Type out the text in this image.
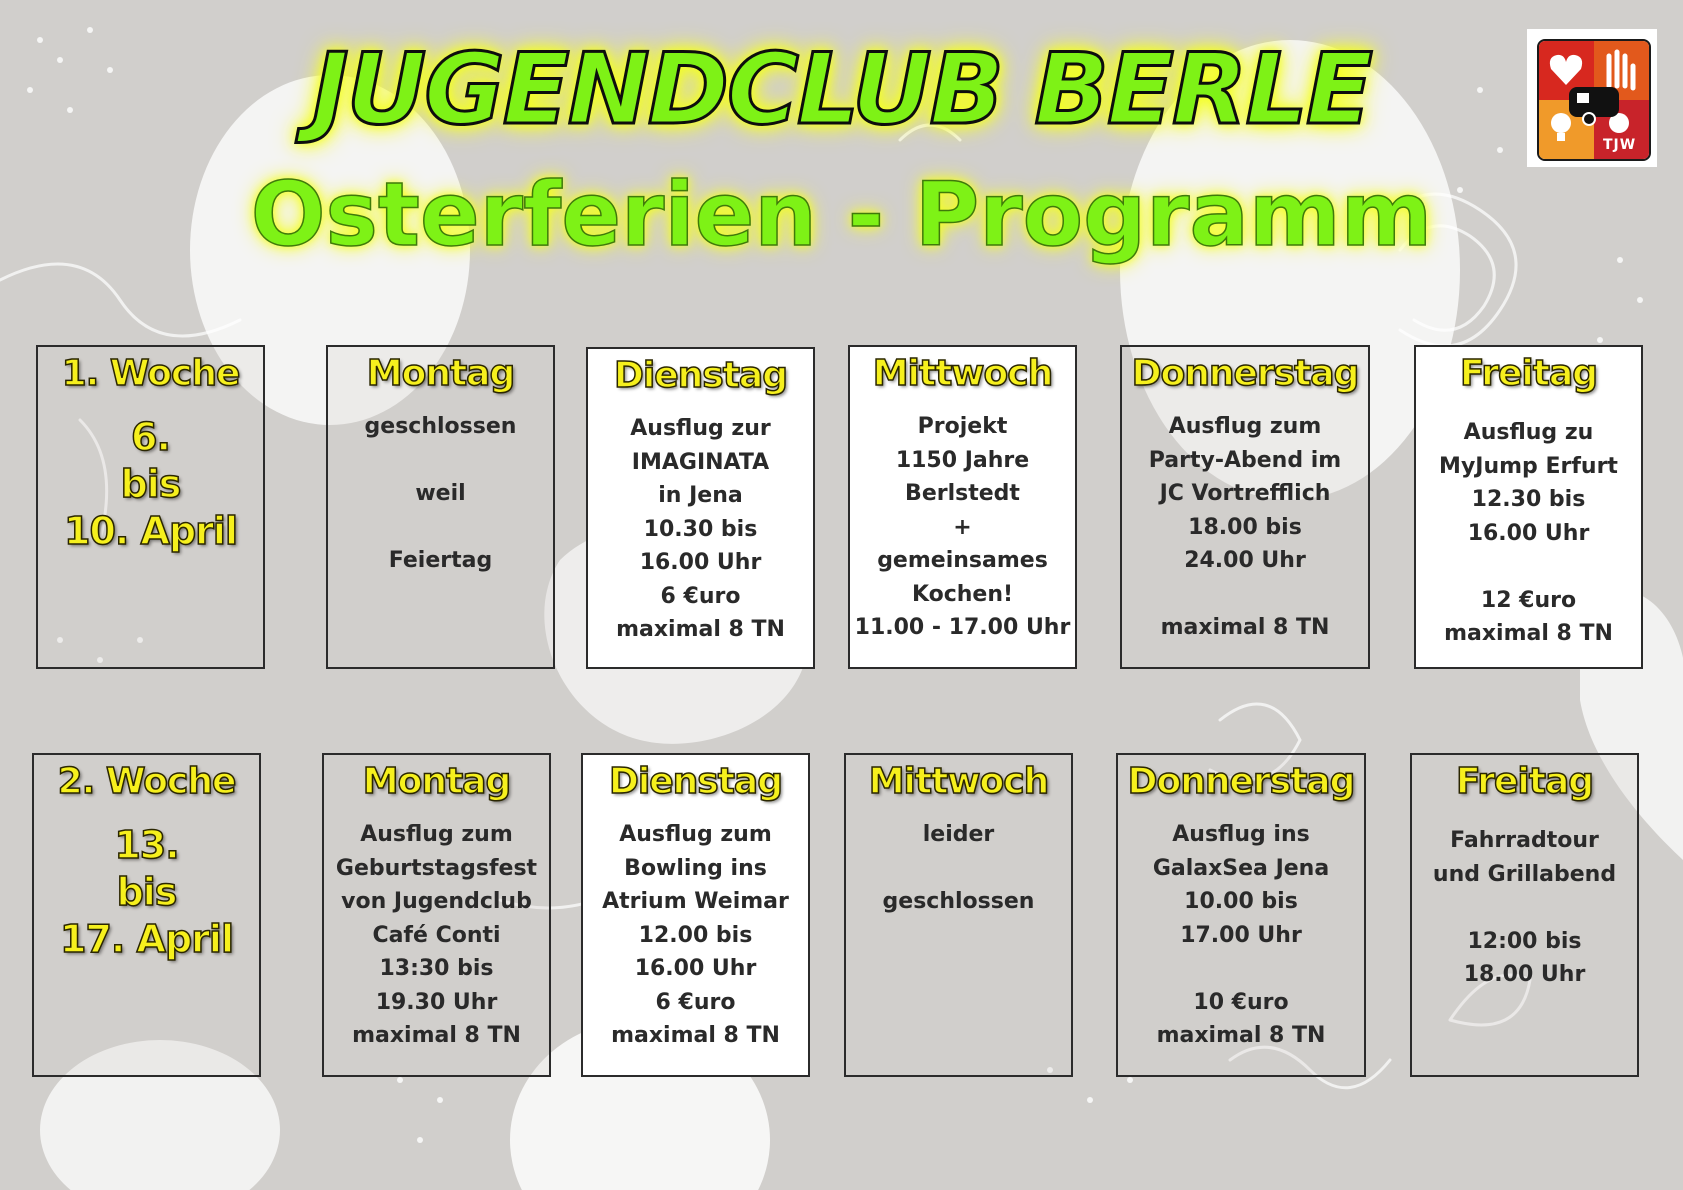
JUGENDCLUB BERLE
Osterferien - Programm
TJW
1. Woche
6.
bis
10. April
Montag
geschlossen

weil

Feiertag
Dienstag
Ausflug zur
IMAGINATA
in Jena
10.30 bis
16.00 Uhr
6 €uro
maximal 8 TN
Mittwoch
Projekt
1150 Jahre
Berlstedt
+
gemeinsames
Kochen!
11.00 - 17.00 Uhr
Donnerstag
Ausflug zum
Party-Abend im
JC Vortrefflich
18.00 bis
24.00 Uhr

maximal 8 TN
Freitag
Ausflug zu
MyJump Erfurt
12.30 bis
16.00 Uhr

12 €uro
maximal 8 TN
2. Woche
13.
bis
17. April
Montag
Ausflug zum
Geburtstagsfest
von Jugendclub
Café Conti
13:30 bis
19.30 Uhr
maximal 8 TN
Dienstag
Ausflug zum
Bowling ins
Atrium Weimar
12.00 bis
16.00 Uhr
6 €uro
maximal 8 TN
Mittwoch
leider

geschlossen
Donnerstag
Ausflug ins
GalaxSea Jena
10.00 bis
17.00 Uhr

10 €uro
maximal 8 TN
Freitag
Fahrradtour
und Grillabend

12:00 bis
18.00 Uhr
